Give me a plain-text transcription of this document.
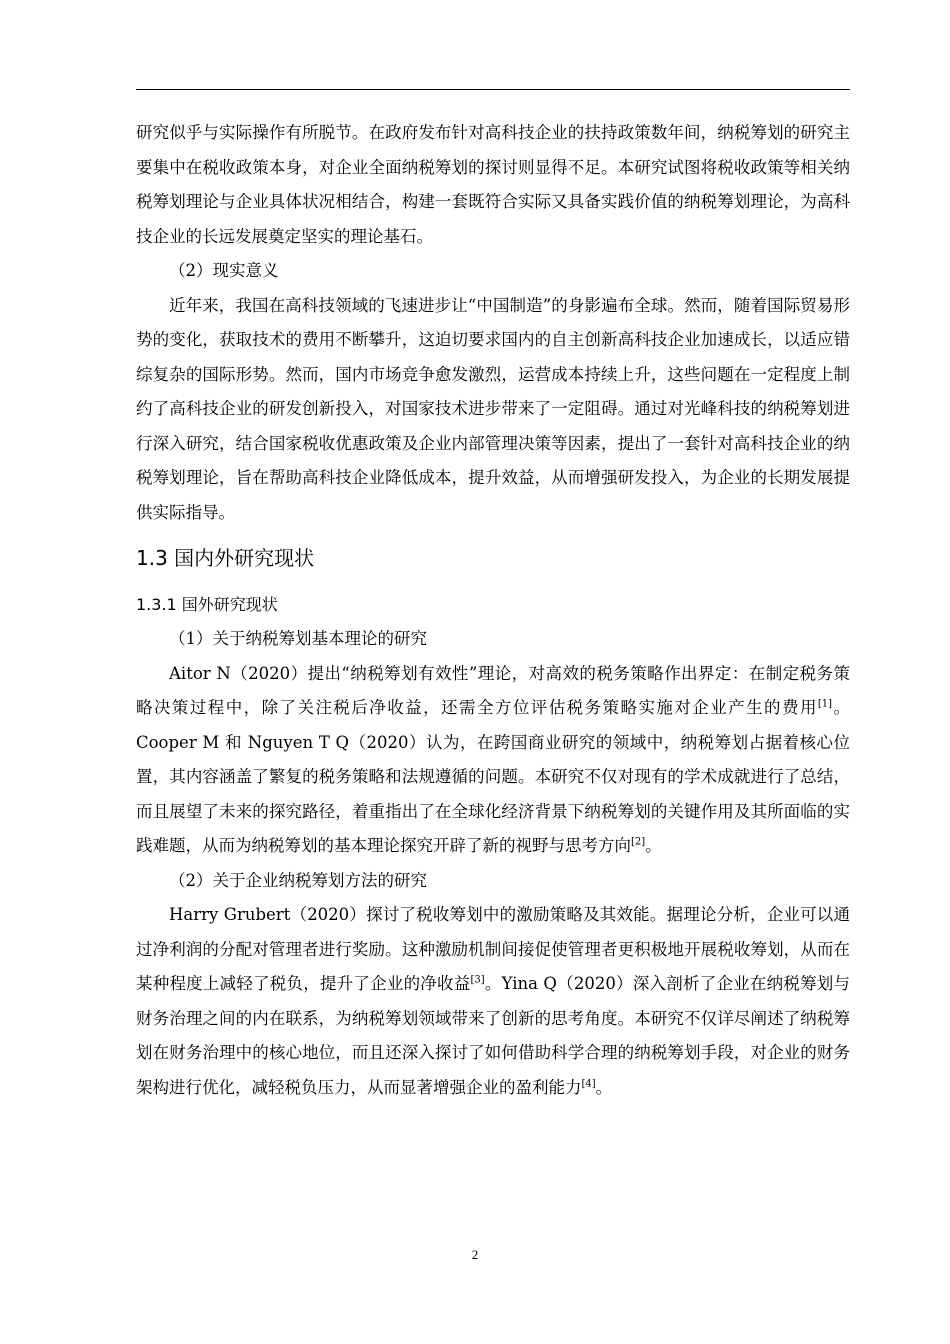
研究似乎与实际操作有所脱节。在政府发布针对高科技企业的扶持政策数年间，纳税筹划的研究主要集中在税收政策本身，对企业全面纳税筹划的探讨则显得不足。本研究试图将税收政策等相关纳税筹划理论与企业具体状况相结合，构建一套既符合实际又具备实践价值的纳税筹划理论，为高科技企业的长远发展奠定坚实的理论基石。

（2）现实意义

近年来，我国在高科技领域的飞速进步让“中国制造”的身影遍布全球。然而，随着国际贸易形势的变化，获取技术的费用不断攀升，这迫切要求国内的自主创新高科技企业加速成长，以适应错综复杂的国际形势。然而，国内市场竞争愈发激烈，运营成本持续上升，这些问题在一定程度上制约了高科技企业的研发创新投入，对国家技术进步带来了一定阻碍。通过对光峰科技的纳税筹划进行深入研究，结合国家税收优惠政策及企业内部管理决策等因素，提出了一套针对高科技企业的纳税筹划理论，旨在帮助高科技企业降低成本，提升效益，从而增强研发投入，为企业的长期发展提供实际指导。

1.3 国内外研究现状
1.3.1 国外研究现状

（1）关于纳税筹划基本理论的研究

Aitor N（2020）提出“纳税筹划有效性”理论，对高效的税务策略作出界定：在制定税务策略决策过程中，除了关注税后净收益，还需全方位评估税务策略实施对企业产生的费用[1]。Cooper M 和 Nguyen T Q（2020）认为，在跨国商业研究的领域中，纳税筹划占据着核心位置，其内容涵盖了繁复的税务策略和法规遵循的问题。本研究不仅对现有的学术成就进行了总结，而且展望了未来的探究路径，着重指出了在全球化经济背景下纳税筹划的关键作用及其所面临的实践难题，从而为纳税筹划的基本理论探究开辟了新的视野与思考方向[2]。

（2）关于企业纳税筹划方法的研究

Harry Grubert（2020）探讨了税收筹划中的激励策略及其效能。据理论分析，企业可以通过净利润的分配对管理者进行奖励。这种激励机制间接促使管理者更积极地开展税收筹划，从而在某种程度上减轻了税负，提升了企业的净收益[3]。Yina Q（2020）深入剖析了企业在纳税筹划与财务治理之间的内在联系，为纳税筹划领域带来了创新的思考角度。本研究不仅详尽阐述了纳税筹划在财务治理中的核心地位，而且还深入探讨了如何借助科学合理的纳税筹划手段，对企业的财务架构进行优化，减轻税负压力，从而显著增强企业的盈利能力[4]。

2
